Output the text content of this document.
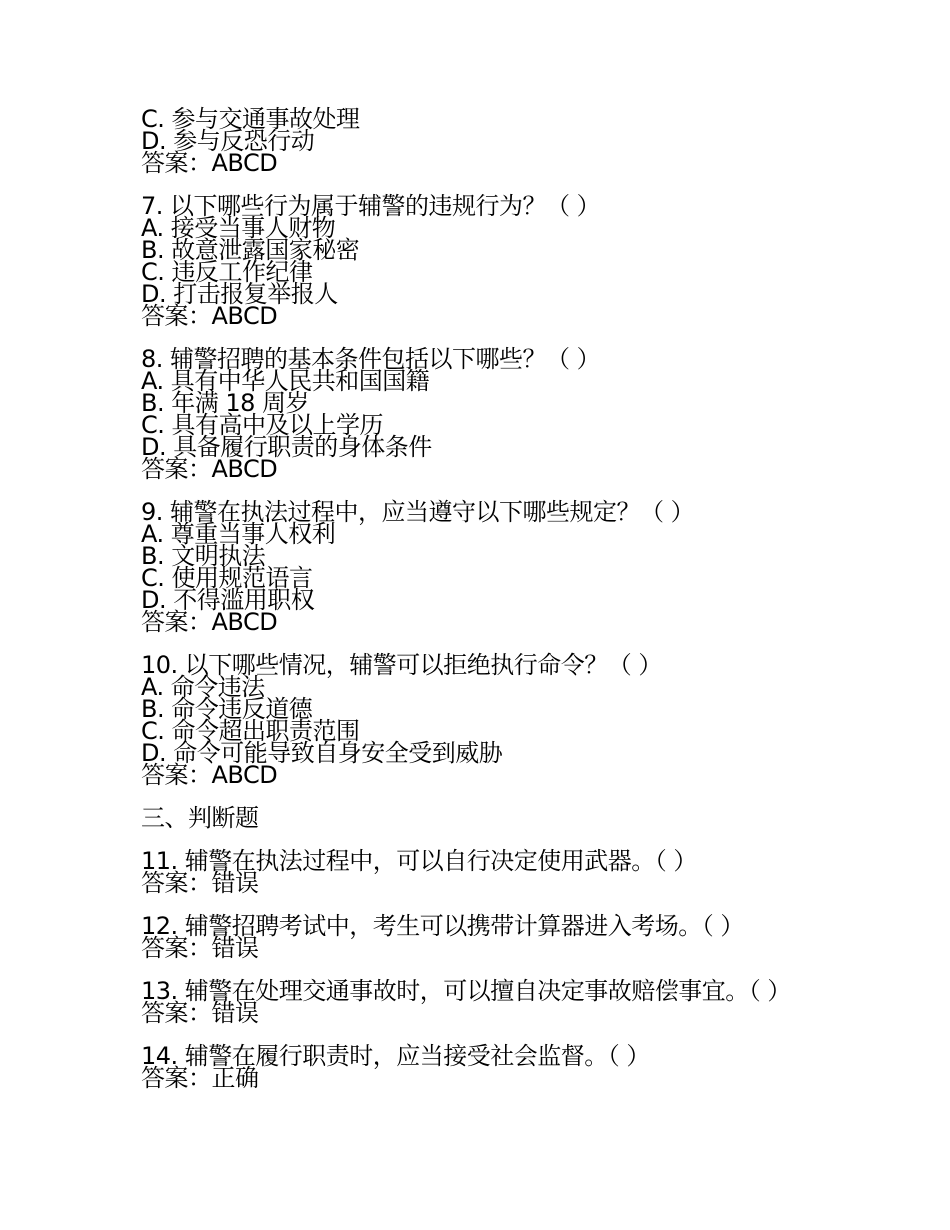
C. 参与交通事故处理
D. 参与反恐行动
答案：ABCD
7. 以下哪些行为属于辅警的违规行为？（ ）
A. 接受当事人财物
B. 故意泄露国家秘密
C. 违反工作纪律
D. 打击报复举报人
答案：ABCD
8. 辅警招聘的基本条件包括以下哪些？（ ）
A. 具有中华人民共和国国籍
B. 年满 18 周岁
C. 具有高中及以上学历
D. 具备履行职责的身体条件
答案：ABCD
9. 辅警在执法过程中，应当遵守以下哪些规定？（ ）
A. 尊重当事人权利
B. 文明执法
C. 使用规范语言
D. 不得滥用职权
答案：ABCD
10. 以下哪些情况，辅警可以拒绝执行命令？（ ）
A. 命令违法
B. 命令违反道德
C. 命令超出职责范围
D. 命令可能导致自身安全受到威胁
答案：ABCD
三、判断题
11. 辅警在执法过程中，可以自行决定使用武器。（ ）
答案：错误
12. 辅警招聘考试中，考生可以携带计算器进入考场。（ ）
答案：错误
13. 辅警在处理交通事故时，可以擅自决定事故赔偿事宜。（ ）
答案：错误
14. 辅警在履行职责时，应当接受社会监督。（ ）
答案：正确
